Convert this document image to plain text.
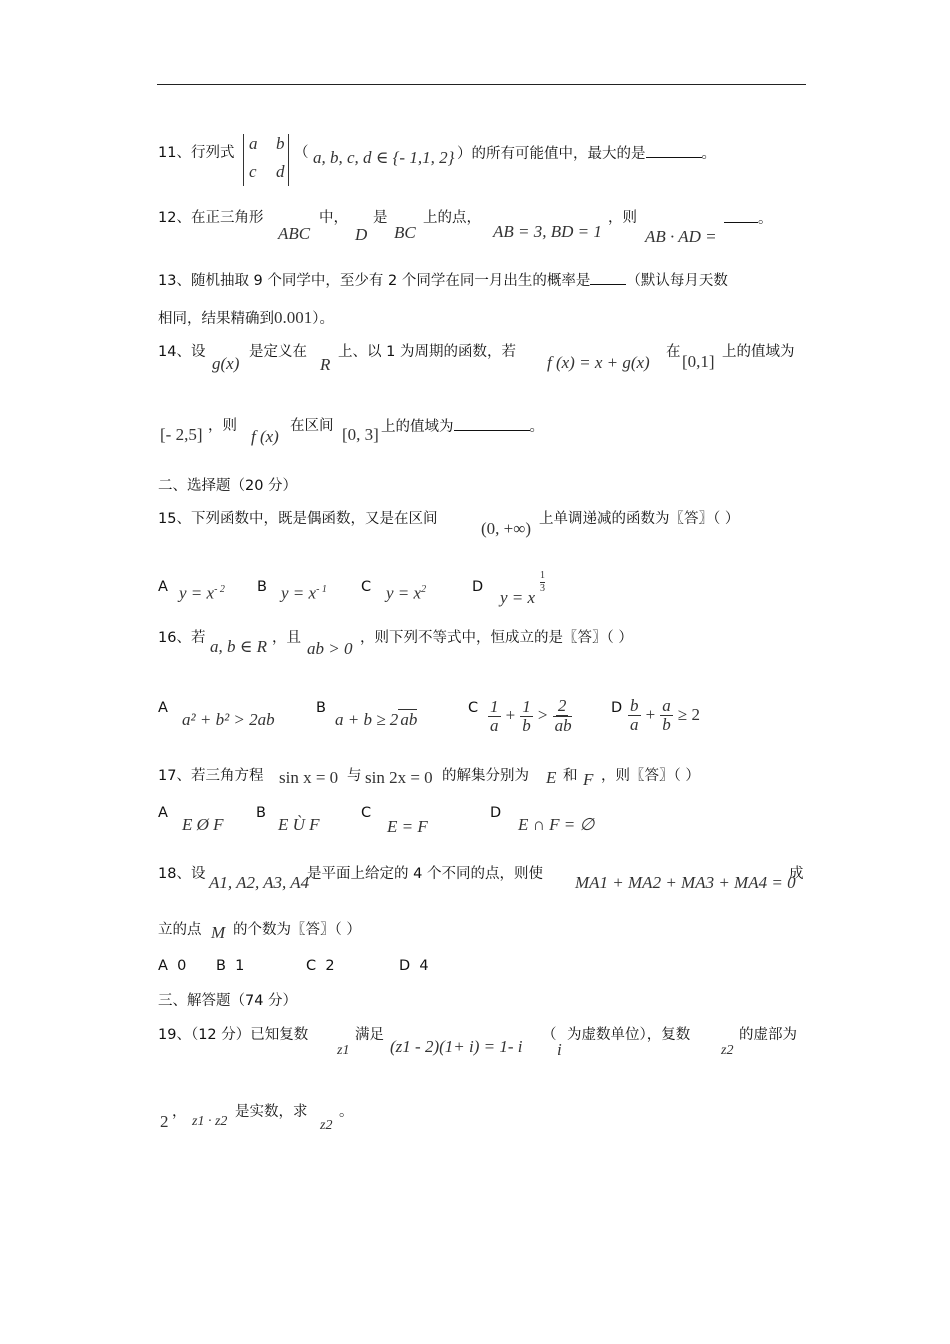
11、行列式 a b
c d
（ a, b, c, d ∈ {- 1,1, 2} ）的所有可能值中，最大的是	。
12、在正三角形
ABC
中，
D
是
BC
上的点，
AB = 3, BD = 1
，则
AB · AD =
。
13、随机抽取 9 个同学中，至少有 2 个同学在同一月出生的概率是 （默认每月天数
相同，结果精确到0.001）。
14、设
g(x)
是定义在
R
上、以 1 为周期的函数，若
f (x) = x + g(x)
在 [0,1] 上的值域为
[- 2,5] ，则
f (x)
在区间 [0, 3] 上的值域为	。
二、选择题（20 分）
15、下列函数中，既是偶函数，又是在区间	(0, +∞) 上单调递减的函数为〖答〗（ ）
A $y = x^{- 2}$ B $y = x^{- 1}$ C $y = x^2$	D
y = x
1
3
16、若 a, b ∈ R ，且
ab > 0
，则下列不等式中，恒成立的是〖答〗（ ）
A
a² + b² > 2ab
B
a + b ≥ 2 ab
C $\frac{1}{a} + \frac{1}{b} > \frac{2}{ab}$	D $\frac{b}{a} + \frac{a}{b} \ge 2$
17、若三角方程 sin x = 0 与 sin 2x = 0 的解集分别为 E 和 F ，则〖答〗（ ）
A
E Ø F
B
E Ù F
C
E = F
D
E ∩ F = ∅
18、设 A1, A2, A3, A4
是平面上给定的 4 个不同的点，则使 MA1 + MA2 + MA3 + MA4 = 0
成
立的点 M 的个数为〖答〗（ ）
A 0 B 1	C 2	D 4
三、解答题（74 分）
19、（12 分）已知复数
z1
满足
(z1 - 2)(1+ i) = 1- i
（
i
为虚数单位），复数
z2
的虚部为
2 ，
z1 · z2
是实数，求
z2
。
